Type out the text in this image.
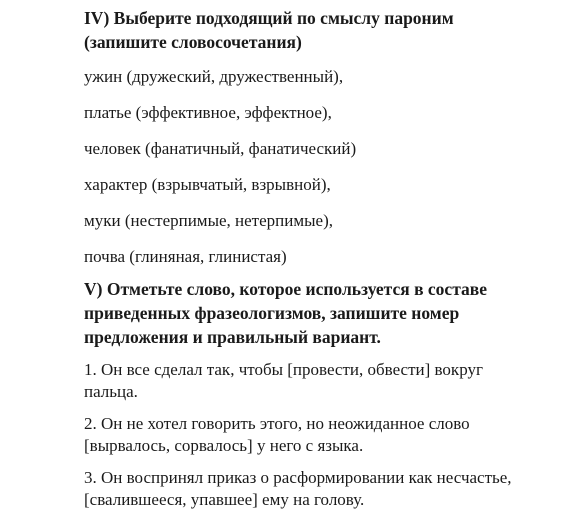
IV) Выберите подходящий по смыслу пароним
(запишите словосочетания)

ужин (дружеский, дружественный),

платье (эффективное, эффектное),

человек (фанатичный, фанатический)

характер (взрывчатый, взрывной),

муки (нестерпимые, нетерпимые),

почва (глиняная, глинистая)

V) Отметьте слово, которое используется в составе
приведенных фразеологизмов, запишите номер
предложения и правильный вариант.

1. Он все сделал так, чтобы [провести, обвести] вокруг
пальца.

2. Он не хотел говорить этого, но неожиданное слово
[вырвалось, сорвалось] у него с языка.

3. Он воспринял приказ о расформировании как несчастье,
[свалившееся, упавшее] ему на голову.
